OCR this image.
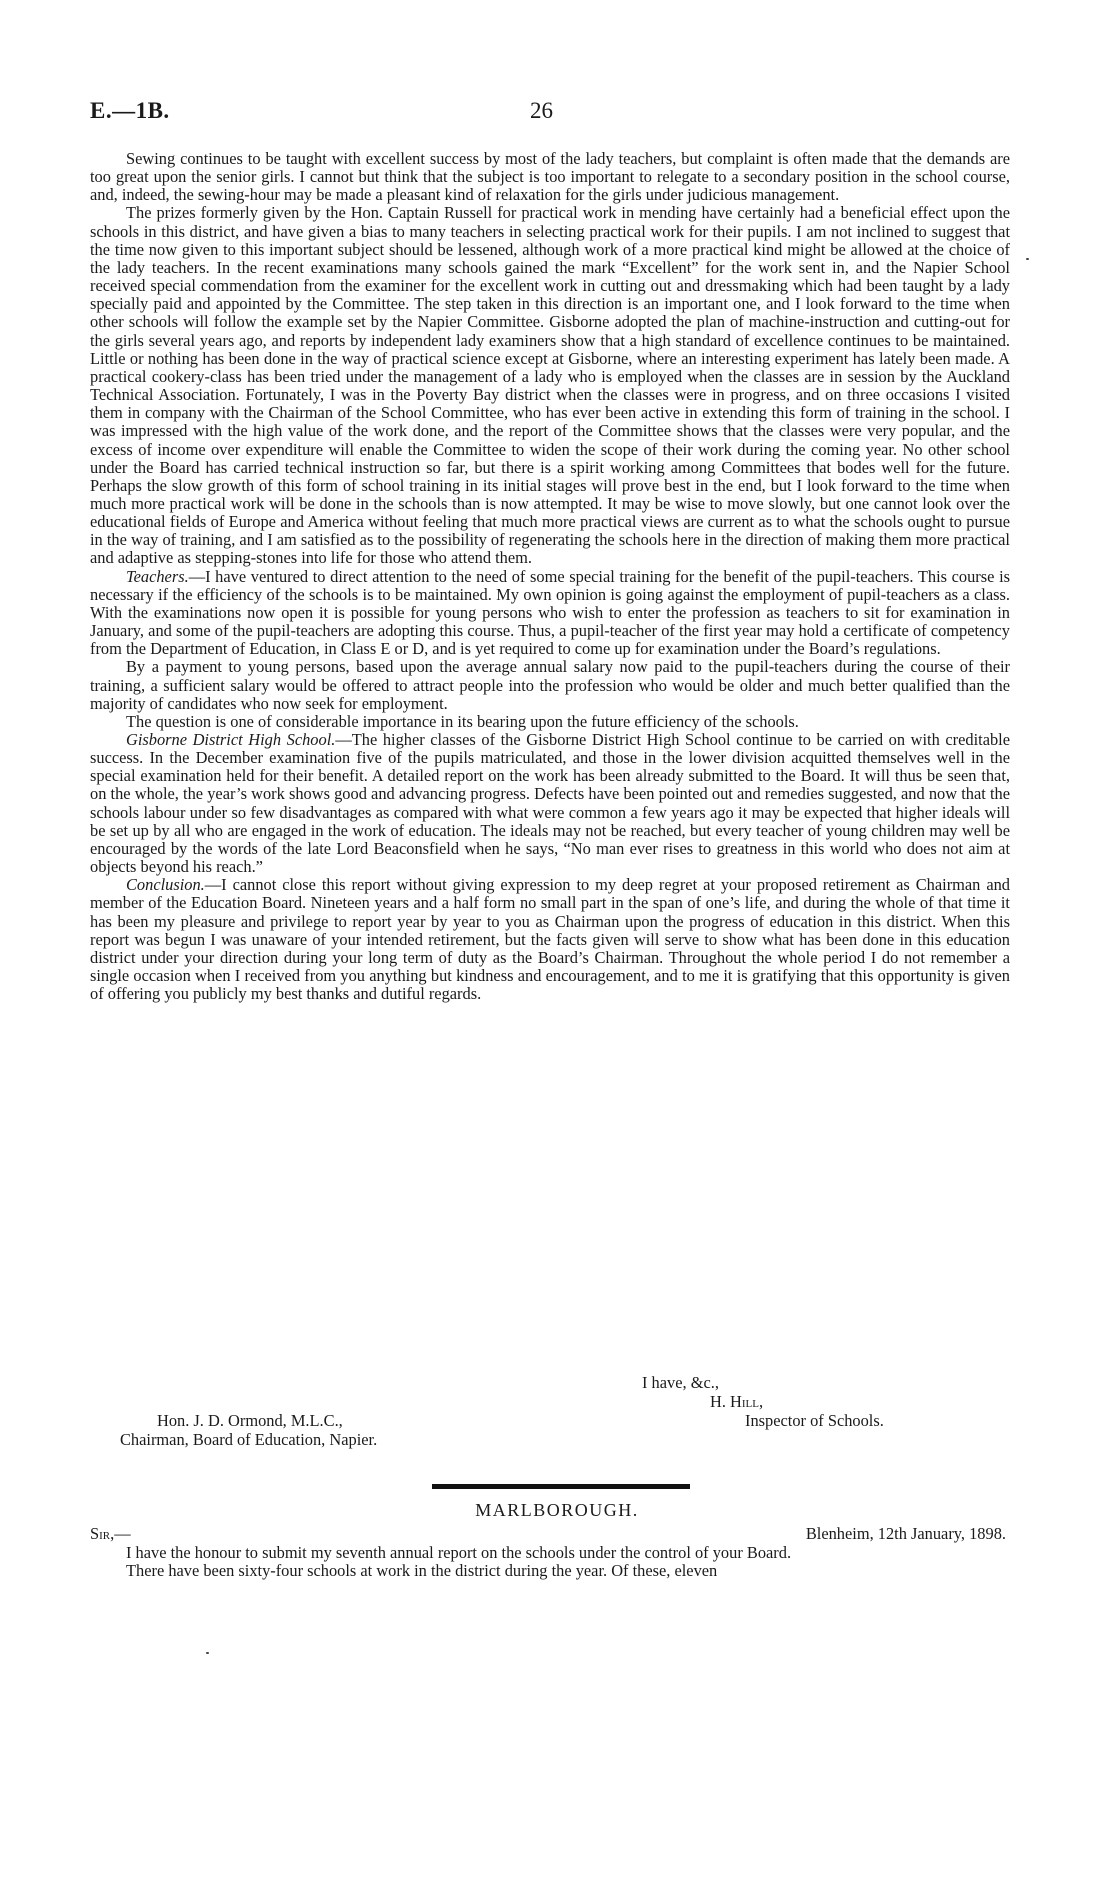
E.—1B.	26

Sewing continues to be taught with excellent success by most of the lady teachers, but complaint is often made that the demands are too great upon the senior girls. I cannot but think that the subject is too important to relegate to a secondary position in the school course, and, indeed, the sewing-hour may be made a pleasant kind of relaxation for the girls under judicious management.

The prizes formerly given by the Hon. Captain Russell for practical work in mending have certainly had a beneficial effect upon the schools in this district, and have given a bias to many teachers in selecting practical work for their pupils. I am not inclined to suggest that the time now given to this important subject should be lessened, although work of a more practical kind might be allowed at the choice of the lady teachers. In the recent examinations many schools gained the mark “Excellent” for the work sent in, and the Napier School received special commendation from the examiner for the excellent work in cutting out and dressmaking which had been taught by a lady specially paid and appointed by the Committee. The step taken in this direction is an important one, and I look forward to the time when other schools will follow the example set by the Napier Committee. Gisborne adopted the plan of machine-instruction and cutting-out for the girls several years ago, and reports by independent lady examiners show that a high standard of excellence continues to be maintained. Little or nothing has been done in the way of practical science except at Gisborne, where an interesting experiment has lately been made. A practical cookery-class has been tried under the management of a lady who is employed when the classes are in session by the Auckland Technical Association. Fortunately, I was in the Poverty Bay district when the classes were in progress, and on three occasions I visited them in company with the Chairman of the School Committee, who has ever been active in extending this form of training in the school. I was impressed with the high value of the work done, and the report of the Committee shows that the classes were very popular, and the excess of income over expenditure will enable the Committee to widen the scope of their work during the coming year. No other school under the Board has carried technical instruction so far, but there is a spirit working among Committees that bodes well for the future. Perhaps the slow growth of this form of school training in its initial stages will prove best in the end, but I look forward to the time when much more practical work will be done in the schools than is now attempted. It may be wise to move slowly, but one cannot look over the educational fields of Europe and America without feeling that much more practical views are current as to what the schools ought to pursue in the way of training, and I am satisfied as to the possibility of regenerating the schools here in the direction of making them more practical and adaptive as stepping-stones into life for those who attend them.

Teachers.—I have ventured to direct attention to the need of some special training for the benefit of the pupil-teachers. This course is necessary if the efficiency of the schools is to be maintained. My own opinion is going against the employment of pupil-teachers as a class. With the examinations now open it is possible for young persons who wish to enter the profession as teachers to sit for examination in January, and some of the pupil-teachers are adopting this course. Thus, a pupil-teacher of the first year may hold a certificate of competency from the Department of Education, in Class E or D, and is yet required to come up for examination under the Board’s regulations.

By a payment to young persons, based upon the average annual salary now paid to the pupil-teachers during the course of their training, a sufficient salary would be offered to attract people into the profession who would be older and much better qualified than the majority of candidates who now seek for employment.

The question is one of considerable importance in its bearing upon the future efficiency of the schools.

Gisborne District High School.—The higher classes of the Gisborne District High School continue to be carried on with creditable success. In the December examination five of the pupils matriculated, and those in the lower division acquitted themselves well in the special examination held for their benefit. A detailed report on the work has been already submitted to the Board. It will thus be seen that, on the whole, the year’s work shows good and advancing progress. Defects have been pointed out and remedies suggested, and now that the schools labour under so few disadvantages as compared with what were common a few years ago it may be expected that higher ideals will be set up by all who are engaged in the work of education. The ideals may not be reached, but every teacher of young children may well be encouraged by the words of the late Lord Beaconsfield when he says, “No man ever rises to greatness in this world who does not aim at objects beyond his reach.”

Conclusion.—I cannot close this report without giving expression to my deep regret at your proposed retirement as Chairman and member of the Education Board. Nineteen years and a half form no small part in the span of one’s life, and during the whole of that time it has been my pleasure and privilege to report year by year to you as Chairman upon the progress of education in this district. When this report was begun I was unaware of your intended retirement, but the facts given will serve to show what has been done in this education district under your direction during your long term of duty as the Board’s Chairman. Throughout the whole period I do not remember a single occasion when I received from you anything but kindness and encouragement, and to me it is gratifying that this opportunity is given of offering you publicly my best thanks and dutiful regards.

I have, &c.,
H. Hill,
Hon. J. D. Ormond, M.L.C.,	Inspector of Schools.
Chairman, Board of Education, Napier.
MARLBOROUGH.
Sir,—	Blenheim, 12th January, 1898.

I have the honour to submit my seventh annual report on the schools under the control of your Board.

There have been sixty-four schools at work in the district during the year. Of these, eleven
